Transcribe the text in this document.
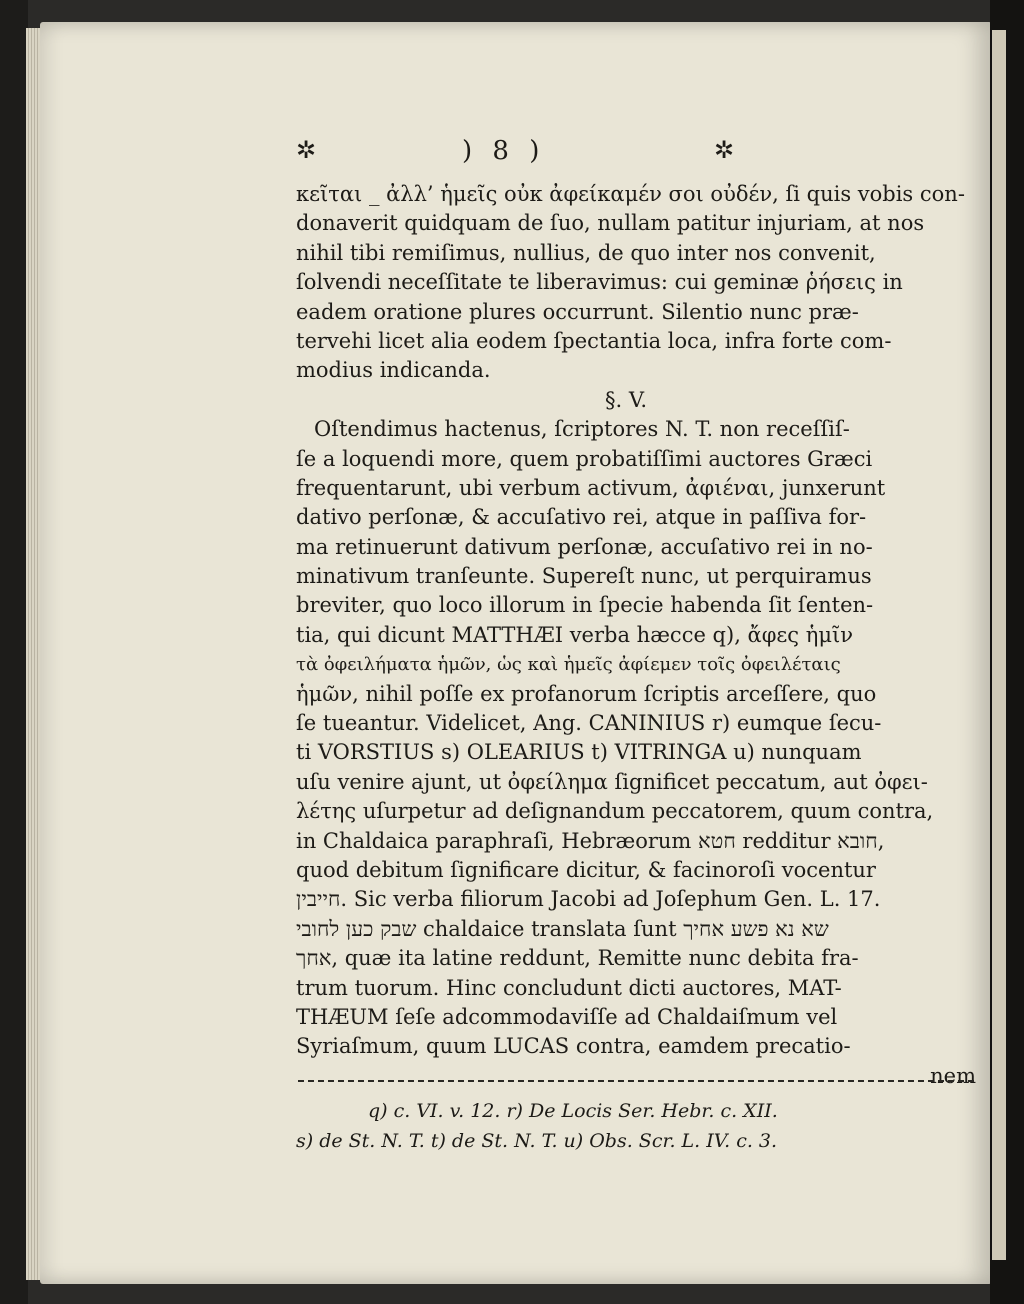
✲	) 8 )	✲
κεῖται _ ἀλλ’ ἡμεῖς οὐκ ἀφείκαμέν σοι οὐδέν, ſi quis vobis con-
donaverit quidquam de ſuo, nullam patitur injuriam, at nos
nihil tibi remiſimus, nullius, de quo inter nos convenit,
ſolvendi neceſſitate te liberavimus: cui geminæ ῥήσεις in
eadem oratione plures occurrunt. Silentio nunc præ-
tervehi licet alia eodem ſpectantia loca, infra forte com-
modius indicanda.
§. V.
Oſtendimus hactenus, ſcriptores N. T. non receſſiſ-
ſe a loquendi more, quem probatiſſimi auctores Græci
frequentarunt, ubi verbum activum, ἀφιέναι, junxerunt
dativo perſonæ, & accuſativo rei, atque in paſſiva for-
ma retinuerunt dativum perſonæ, accuſativo rei in no-
minativum tranſeunte. Supereſt nunc, ut perquiramus
breviter, quo loco illorum in ſpecie habenda ſit ſenten-
tia, qui dicunt MATTHÆI verba hæcce q), ἄφες ἡμῖν
τὰ ὀφειλήματα ἡμῶν, ὡς καὶ ἡμεῖς ἀφίεμεν τοῖς ὀφειλέταις
ἡμῶν, nihil poſſe ex profanorum ſcriptis arceſſere, quo
ſe tueantur. Videlicet, Ang. CANINIUS r) eumque ſecu-
ti VORSTIUS s) OLEARIUS t) VITRINGA u) nunquam
uſu venire ajunt, ut ὀφείλημα ſignificet peccatum, aut ὀφει-
λέτης uſurpetur ad deſignandum peccatorem, quum contra,
in Chaldaica paraphraſi, Hebræorum חטא redditur חובא,
quod debitum ſignificare dicitur, & facinoroſi vocentur
חייבין. Sic verba filiorum Jacobi ad Joſephum Gen. L. 17.
שא נא פשע אחיך chaldaice translata ſunt שבק כען לחובי
אחך, quæ ita latine reddunt, Remitte nunc debita fra-
trum tuorum. Hinc concludunt dicti auctores, MAT-
THÆUM ſeſe adcommodaviſſe ad Chaldaiſmum vel
Syriaſmum, quum LUCAS contra, eamdem precatio-
nem
q) c. VI. v. 12. r) De Locis Ser. Hebr. c. XII.
s) de St. N. T. t) de St. N. T. u) Obs. Scr. L. IV. c. 3.
